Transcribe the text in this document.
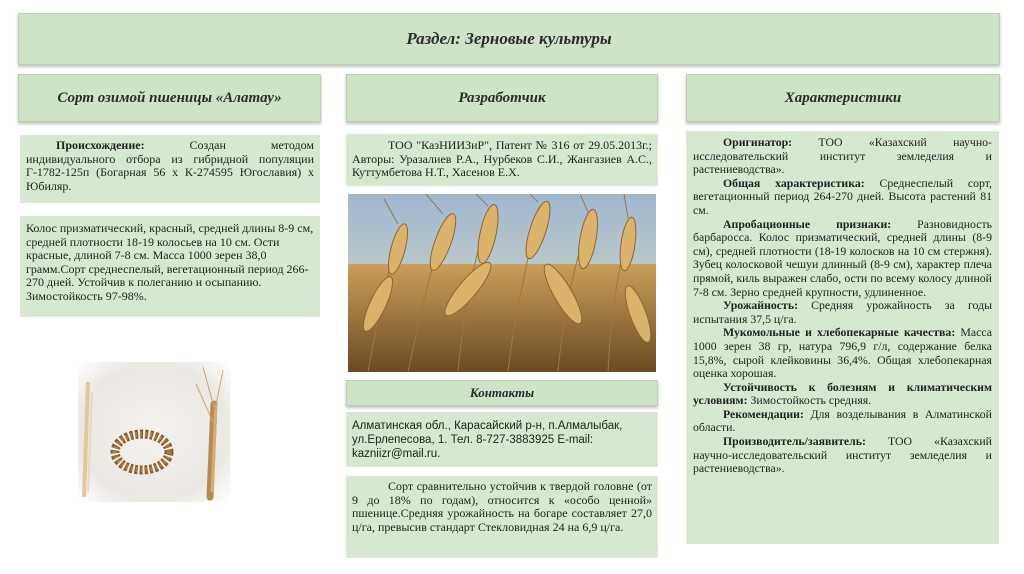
Раздел: Зерновые культуры
Сорт озимой пшеницы «Алатау»	Разработчик	Характеристики
Происхождение: Создан методом индивидуального отбора из гибридной популяции Г-1782-125п (Богарная 56 х К-274595 Югославия) х Юбиляр.
Колос призматический, красный, средней длины 8-9 см, средней плотности 18-19 колосьев на 10 см. Ости красные, длиной 7-8 см. Масса 1000 зерен 38,0 грамм.Сорт среднеспелый, вегетационный период 266-270 дней. Устойчив к полеганию и осыпанию. Зимостойкость 97-98%.
ТОО "КазНИИЗиР", Патент № 316 от 29.05.2013г.; Авторы: Уразалиев Р.А., Нурбеков С.И., Жангазиев А.С., Куттумбетова Н.Т., Хасенов Е.Х.
Контакты
Алматинская обл., Карасайский р-н, п.Алмалыбак, ул.Ерлепесова, 1. Тел. 8-727-3883925 E-mail: kazniizr@mail.ru.
Сорт сравнительно устойчив к твердой головне (от 9 до 18% по годам), относится к «особо ценной» пшенице.Средняя урожайность на богаре составляет 27,0 ц/га, превысив стандарт Стекловидная 24 на 6,9 ц/га.
Оригинатор: ТОО «Казахский научно-исследовательский институт земледелия и растениеводства».
Общая характеристика: Среднеспелый сорт, вегетационный период 264-270 дней. Высота растений 81 см.
Апробационные признаки: Разновидность барбаросса. Колос призматический, средней длины (8-9 см), средней плотности (18-19 колосков на 10 см стержня). Зубец колосковой чешуи длинный (8-9 см), характер плеча прямой, киль выражен слабо, ости по всему колосу длиной 7-8 см. Зерно средней крупности, удлиненное.
Урожайность: Средняя урожайность за годы испытания 37,5 ц/га.
Мукомольные и хлебопекарные качества: Масса 1000 зерен 38 гр, натура 796,9 г/л, содержание белка 15,8%, сырой клейковины 36,4%. Общая хлебопекарная оценка хорошая.
Устойчивость к болезням и климатическим условиям: Зимостойкость средняя.
Рекомендации: Для возделывания в Алматинской области.
Производитель/заявитель: ТОО «Казахский научно-исследовательский институт земледелия и растениеводства».
